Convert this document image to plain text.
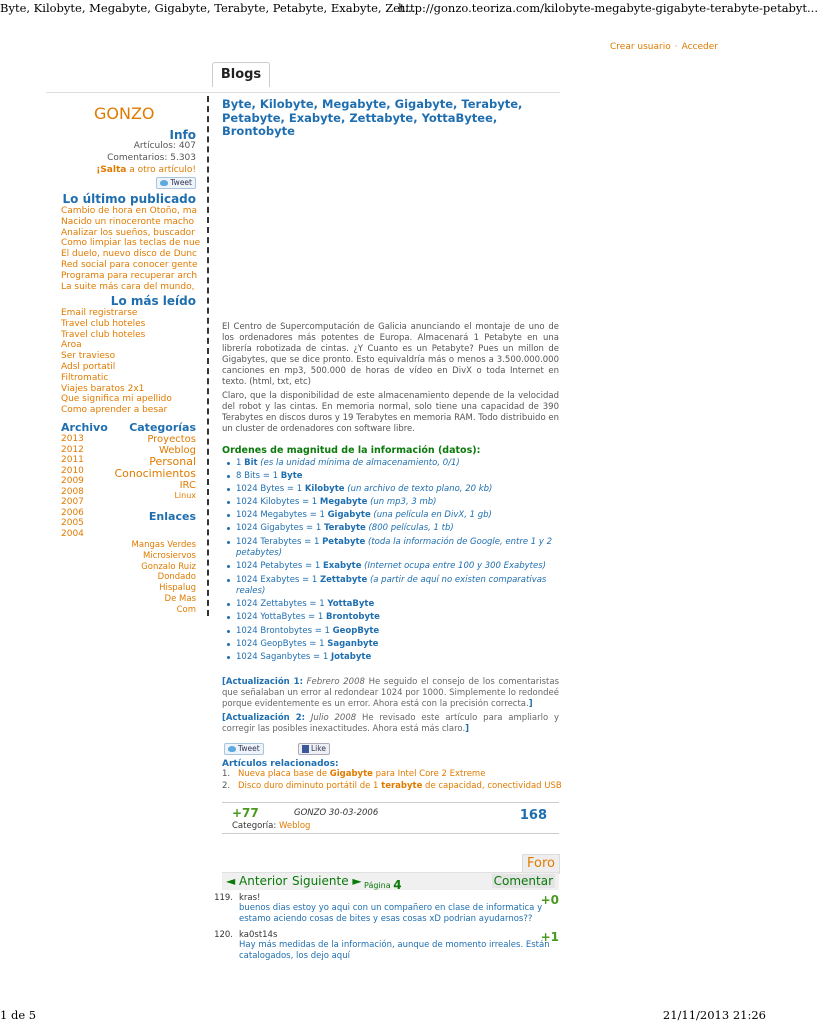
Byte, Kilobyte, Megabyte, Gigabyte, Terabyte, Petabyte, Exabyte, Zet...
http://gonzo.teoriza.com/kilobyte-megabyte-gigabyte-terabyte-petabyt...
1 de 5	21/11/2013 21:26
Crear usuario · Acceder
Blogs
GONZO
Info
Artículos: 407
Comentarios: 5.303
¡Salta a otro artículo!
Tweet
Lo último publicado
Cambio de hora en Otoño, ma
Nacido un rinoceronte macho
Analizar los sueños, buscador
Como limpiar las teclas de nue
El duelo, nuevo disco de Dunc
Red social para conocer gente
Programa para recuperar arch
La suite más cara del mundo,
Lo más leído
Email registrarse
Travel club hoteles
Travel club hoteles
Aroa
Ser travieso
Adsl portatil
Filtromatic
Viajes baratos 2x1
Que significa mi apellido
Como aprender a besar
Archivo
2013
2012
2011
2010
2009
2008
2007
2006
2005
2004
Categorías
Proyectos
Weblog
Personal
Conocimientos
IRC
Linux
Enlaces
Mangas Verdes
Microsiervos
Gonzalo Ruiz
Dondado
Hispalug
De Mas
Com
Byte, Kilobyte, Megabyte, Gigabyte, Terabyte, Petabyte, Exabyte, Zettabyte, YottaBytee, Brontobyte

El Centro de Supercomputación de Galicia anunciando el montaje de uno de los ordenadores más potentes de Europa. Almacenará 1 Petabyte en una librería robotizada de cintas. ¿Y Cuanto es un Petabyte? Pues un millon de Gigabytes, que se dice pronto. Esto equivaldría más o menos a 3.500.000.000 canciones en mp3, 500.000 de horas de vídeo en DivX o toda Internet en texto. (html, txt, etc)

Claro, que la disponibilidad de este almacenamiento depende de la velocidad del robot y las cintas. En memoria normal, solo tiene una capacidad de 390 Terabytes en discos duros y 19 Terabytes en memoria RAM. Todo distribuido en un cluster de ordenadores con software libre.

Ordenes de magnitud de la información (datos):
1 Bit (es la unidad mínima de almacenamiento, 0/1)
8 Bits = 1 Byte
1024 Bytes = 1 Kilobyte (un archivo de texto plano, 20 kb)
1024 Kilobytes = 1 Megabyte (un mp3, 3 mb)
1024 Megabytes = 1 Gigabyte (una película en DivX, 1 gb)
1024 Gigabytes = 1 Terabyte (800 películas, 1 tb)
1024 Terabytes = 1 Petabyte (toda la información de Google, entre 1 y 2 petabytes)
1024 Petabytes = 1 Exabyte (Internet ocupa entre 100 y 300 Exabytes)
1024 Exabytes = 1 Zettabyte (a partir de aquí no existen comparativas reales)
1024 Zettabytes = 1 YottaByte
1024 YottaBytes = 1 Brontobyte
1024 Brontobytes = 1 GeopByte
1024 GeopBytes = 1 Saganbyte
1024 Saganbytes = 1 Jotabyte
[Actualización 1: Febrero 2008 He seguido el consejo de los comentaristas que señalaban un error al redondear 1024 por 1000. Simplemente lo redondeé porque evidentemente es un error. Ahora está con la precisión correcta.]
[Actualización 2: Julio 2008 He revisado este artículo para ampliarlo y corregir las posibles inexactitudes. Ahora está más claro.]
Tweet	Like
Artículos relacionados:
1. Nueva placa base de Gigabyte para Intel Core 2 Extreme
2. Disco duro diminuto portátil de 1 terabyte de capacidad, conectividad USB
+77	GONZO 30-03-2006	168
Categoría: Weblog
Foro
◄ Anterior Siguiente ► Página 4	Comentar
119.	+0
kras!
buenos dias estoy yo aqui con un compañero en clase de informatica y estamo aciendo cosas de bites y esas cosas xD podrian ayudarnos??
120.	+1
ka0st14s
Hay más medidas de la información, aunque de momento irreales. Están catalogados, los dejo aquí
